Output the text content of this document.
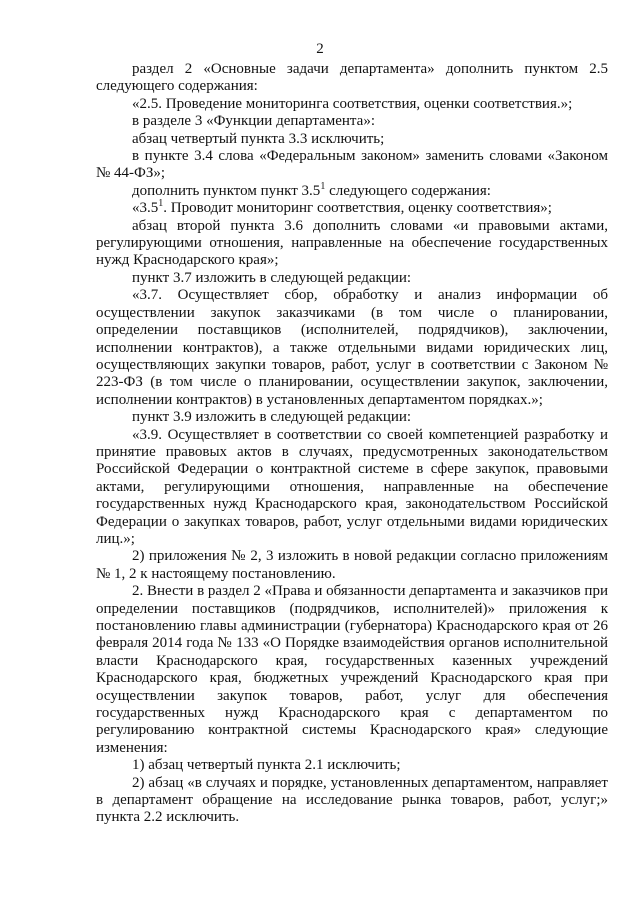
2

раздел 2 «Основные задачи департамента» дополнить пунктом 2.5 следующего содержания:

«2.5. Проведение мониторинга соответствия, оценки соответствия.»;

в разделе 3 «Функции департамента»:

абзац четвертый пункта 3.3 исключить;

в пункте 3.4 слова «Федеральным законом» заменить словами «Законом № 44-ФЗ»;

дополнить пунктом пункт $3.5^1$ следующего содержания:

«$3.5^1$. Проводит мониторинг соответствия, оценку соответствия»;

абзац второй пункта 3.6 дополнить словами «и правовыми актами, регулирующими отношения, направленные на обеспечение государственных нужд Краснодарского края»;

пункт 3.7 изложить в следующей редакции:

«3.7. Осуществляет сбор, обработку и анализ информации об осуществлении закупок заказчиками (в том числе о планировании, определении поставщиков (исполнителей, подрядчиков), заключении, исполнении контрактов), а также отдельными видами юридических лиц, осуществляющих закупки товаров, работ, услуг в соответствии с Законом № 223-ФЗ (в том числе о планировании, осуществлении закупок, заключении, исполнении контрактов) в установленных департаментом порядках.»;

пункт 3.9 изложить в следующей редакции:

«3.9. Осуществляет в соответствии со своей компетенцией разработку и принятие правовых актов в случаях, предусмотренных законодательством Российской Федерации о контрактной системе в сфере закупок, правовыми актами, регулирующими отношения, направленные на обеспечение государственных нужд Краснодарского края, законодательством Российской Федерации о закупках товаров, работ, услуг отдельными видами юридических лиц.»;

2) приложения № 2, 3 изложить в новой редакции согласно приложениям № 1, 2 к настоящему постановлению.

2. Внести в раздел 2 «Права и обязанности департамента и заказчиков при определении поставщиков (подрядчиков, исполнителей)» приложения к постановлению главы администрации (губернатора) Краснодарского края от 26 февраля 2014 года № 133 «О Порядке взаимодействия органов исполнительной власти Краснодарского края, государственных казенных учреждений Краснодарского края, бюджетных учреждений Краснодарского края при осуществлении закупок товаров, работ, услуг для обеспечения государственных нужд Краснодарского края с департаментом по регулированию контрактной системы Краснодарского края» следующие изменения:

1) абзац четвертый пункта 2.1 исключить;

2) абзац «в случаях и порядке, установленных департаментом, направляет в департамент обращение на исследование рынка товаров, работ, услуг;» пункта 2.2 исключить.
